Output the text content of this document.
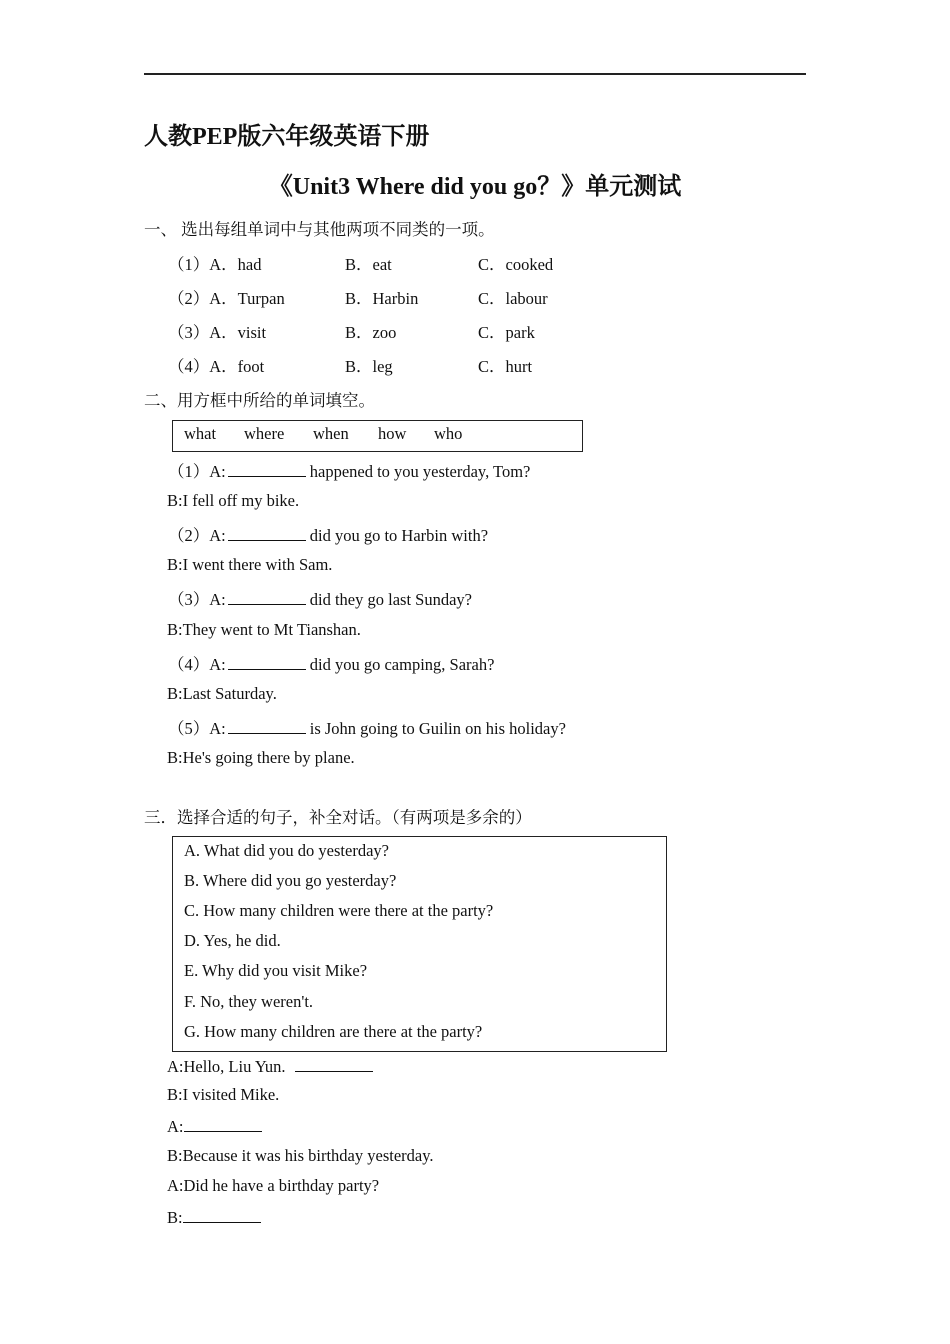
人教PEP版六年级英语下册
《Unit3 Where did you go？》单元测试
一、 选出每组单词中与其他两项不同类的一项。
（1）A．had	B．eat	C．cooked
（2）A．Turpan	B．Harbin	C．labour
（3）A．visit	B．zoo	C．park
（4）A．foot	B．leg	C．hurt
二、用方框中所给的单词填空。
what where when how who
（1）A:	happened to you yesterday, Tom?
B:I fell off my bike.
（2）A:	did you go to Harbin with?
B:I went there with Sam.
（3）A:	did they go last Sunday?
B:They went to Mt Tianshan.
（4）A:	did you go camping, Sarah?
B:Last Saturday.
（5）A:	is John going to Guilin on his holiday?
B:He's going there by plane.
三．选择合适的句子，补全对话。（有两项是多余的）
A. What did you do yesterday?
B. Where did you go yesterday?
C. How many children were there at the party?
D. Yes, he did.
E. Why did you visit Mike?
F. No, they weren't.
G. How many children are there at the party?
A:Hello, Liu Yun.
B:I visited Mike.
A:
B:Because it was his birthday yesterday.
A:Did he have a birthday party?
B:
